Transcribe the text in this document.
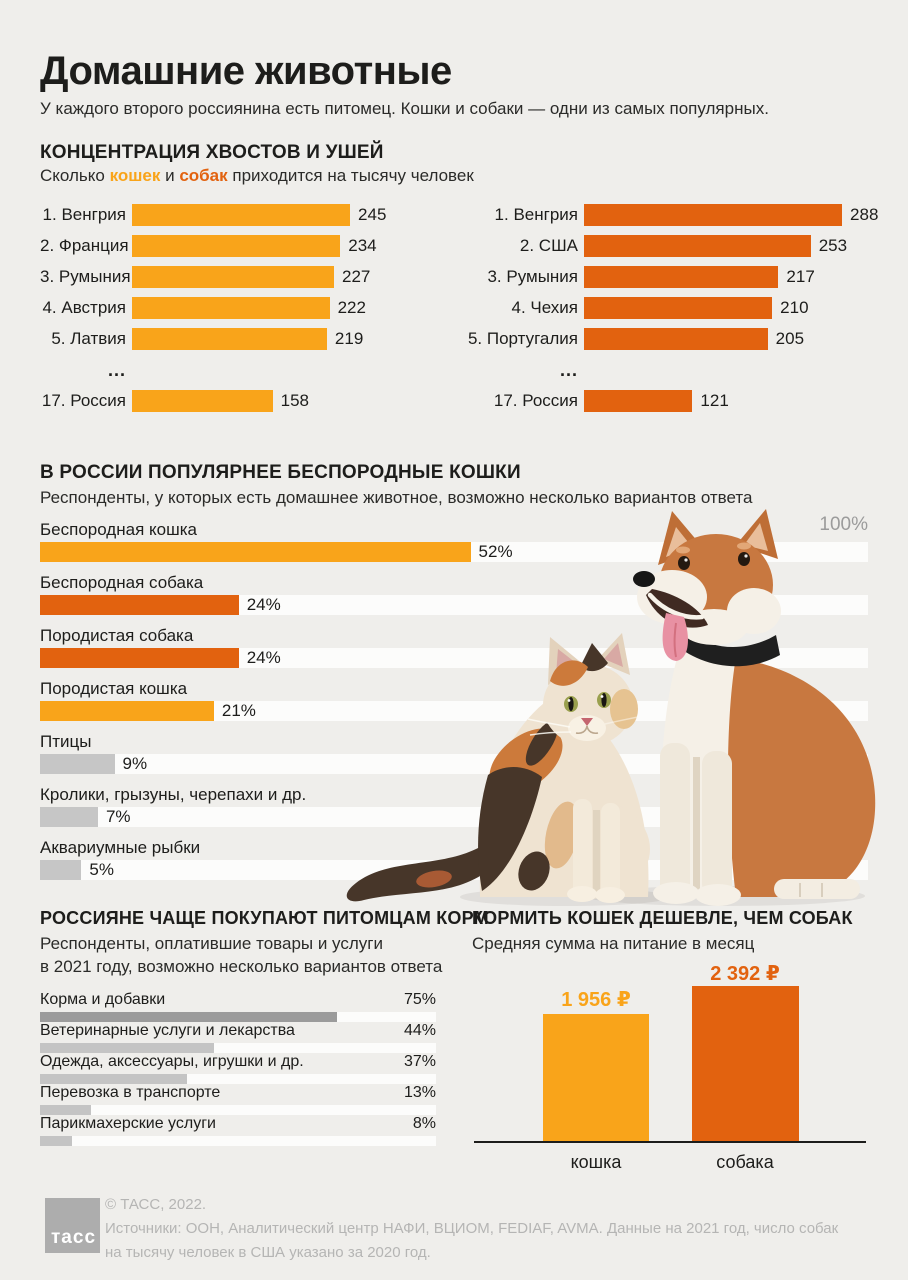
Домашние животные
У каждого второго россиянина есть питомец. Кошки и собаки — одни из самых популярных.
КОНЦЕНТРАЦИЯ ХВОСТОВ И УШЕЙ
Сколько кошек и собак приходится на тысячу человек
1. Венгрия	245
2. Франция	234
3. Румыния	227
4. Австрия	222
5. Латвия	219
...
17. Россия	158
1. Венгрия	288
2. США	253
3. Румыния	217
4. Чехия	210
5. Португалия	205
...
17. Россия	121
В РОССИИ ПОПУЛЯРНЕЕ БЕСПОРОДНЫЕ КОШКИ
Респонденты, у которых есть домашнее животное, возможно несколько вариантов ответа
100%
Беспородная кошка
52%
Беспородная собака
24%
Породистая собака
24%
Породистая кошка
21%
Птицы
9%
Кролики, грызуны, черепахи и др.
7%
Аквариумные рыбки
5%
РОССИЯНЕ ЧАЩЕ ПОКУПАЮТ ПИТОМЦАМ КОРМ
Респонденты, оплатившие товары и услуги
в 2021 году, возможно несколько вариантов ответа
Корма и добавки	75%
Ветеринарные услуги и лекарства	44%
Одежда, аксессуары, игрушки и др.	37%
Перевозка в транспорте	13%
Парикмахерские услуги	8%
КОРМИТЬ КОШЕК ДЕШЕВЛЕ, ЧЕМ СОБАК
Средняя сумма на питание в месяц
1 956 ₽
2 392 ₽
кошка	собака
тасс
© ТАСС, 2022.
Источники: ООН, Аналитический центр НАФИ, ВЦИОМ, FEDIAF, AVMA. Данные на 2021 год, число собак
на тысячу человек в США указано за 2020 год.
